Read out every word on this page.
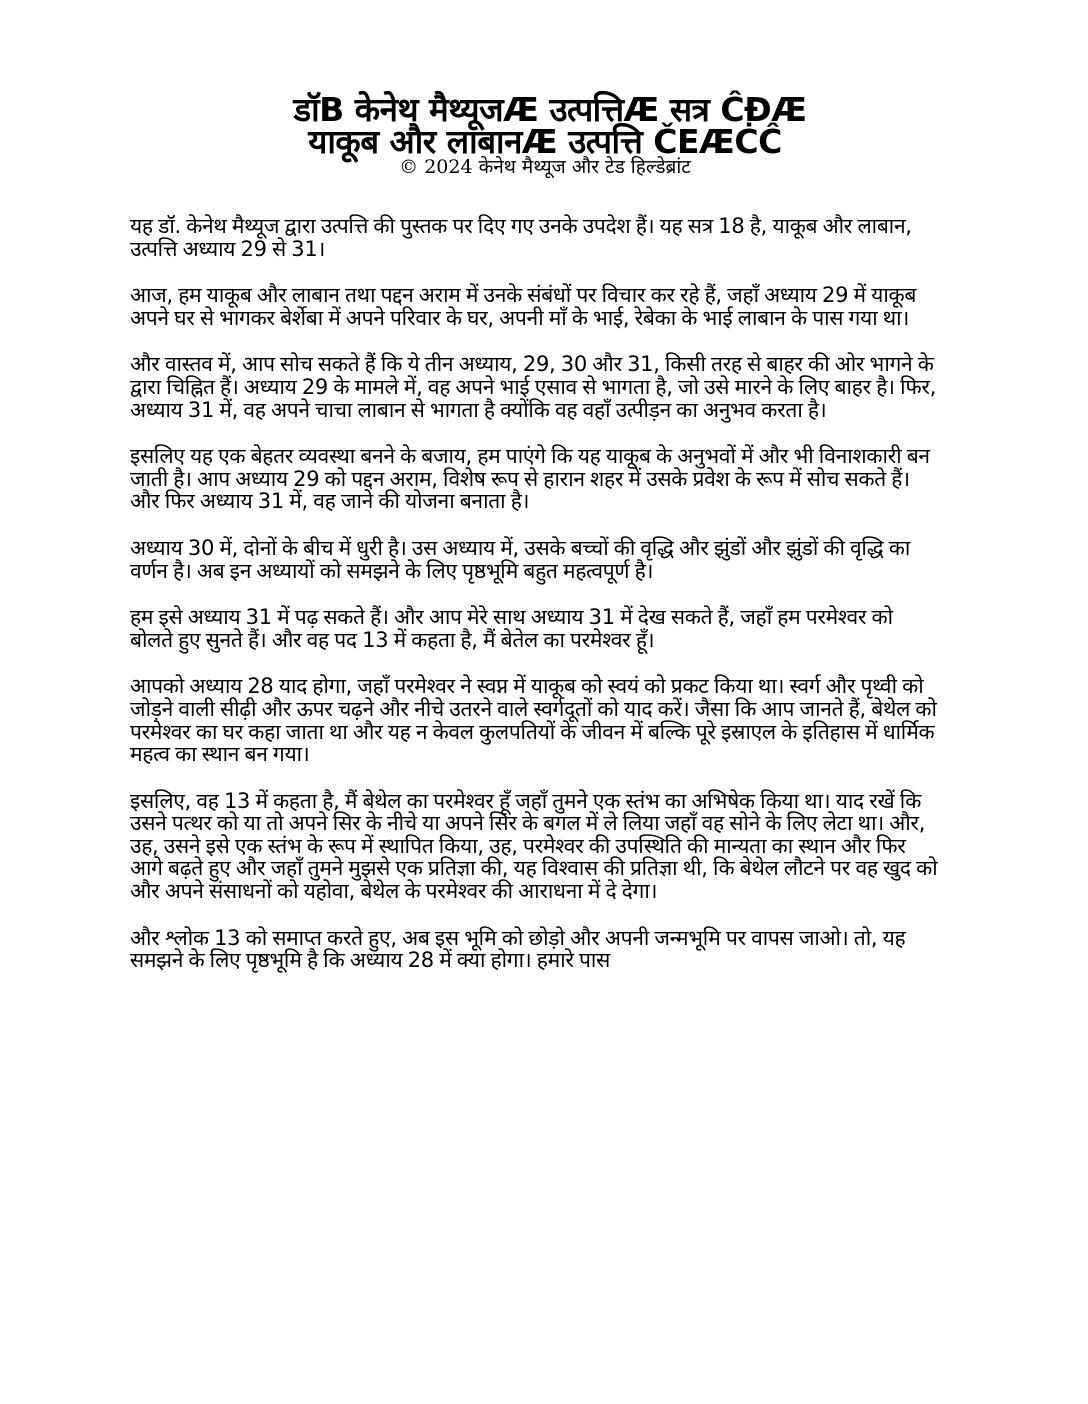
डॉB केनेथ मैथ्यूजÆ उत्पत्तिÆ सत्र ĈĐÆ
याकूब और लाबानÆ उत्पत्ति ČEÆĊĈ
© 2024 केनेथ मैथ्यूज और टेड हिल्डेब्रांट

यह डॉ. केनेथ मैथ्यूज द्वारा उत्पत्ति की पुस्तक पर दिए गए उनके उपदेश हैं। यह सत्र 18 है, याकूब और लाबान, उत्पत्ति अध्याय 29 से 31।

आज, हम याकूब और लाबान तथा पद्दन अराम में उनके संबंधों पर विचार कर रहे हैं, जहाँ अध्याय 29 में याकूब अपने घर से भागकर बेर्शेबा में अपने परिवार के घर, अपनी माँ के भाई, रेबेका के भाई लाबान के पास गया था।

और वास्तव में, आप सोच सकते हैं कि ये तीन अध्याय, 29, 30 और 31, किसी तरह से बाहर की ओर भागने के द्वारा चिह्नित हैं। अध्याय 29 के मामले में, वह अपने भाई एसाव से भागता है, जो उसे मारने के लिए बाहर है। फिर, अध्याय 31 में, वह अपने चाचा लाबान से भागता है क्योंकि वह वहाँ उत्पीड़न का अनुभव करता है।

इसलिए यह एक बेहतर व्यवस्था बनने के बजाय, हम पाएंगे कि यह याकूब के अनुभवों में और भी विनाशकारी बन जाती है। आप अध्याय 29 को पद्दन अराम, विशेष रूप से हारान शहर में उसके प्रवेश के रूप में सोच सकते हैं। और फिर अध्याय 31 में, वह जाने की योजना बनाता है।

अध्याय 30 में, दोनों के बीच में धुरी है। उस अध्याय में, उसके बच्चों की वृद्धि और झुंडों और झुंडों की वृद्धि का वर्णन है। अब इन अध्यायों को समझने के लिए पृष्ठभूमि बहुत महत्वपूर्ण है।

हम इसे अध्याय 31 में पढ़ सकते हैं। और आप मेरे साथ अध्याय 31 में देख सकते हैं, जहाँ हम परमेश्वर को बोलते हुए सुनते हैं। और वह पद 13 में कहता है, मैं बेतेल का परमेश्वर हूँ।

आपको अध्याय 28 याद होगा, जहाँ परमेश्वर ने स्वप्न में याकूब को स्वयं को प्रकट किया था। स्वर्ग और पृथ्वी को जोड़ने वाली सीढ़ी और ऊपर चढ़ने और नीचे उतरने वाले स्वर्गदूतों को याद करें। जैसा कि आप जानते हैं, बेथेल को परमेश्वर का घर कहा जाता था और यह न केवल कुलपतियों के जीवन में बल्कि पूरे इस्राएल के इतिहास में धार्मिक महत्व का स्थान बन गया।

इसलिए, वह 13 में कहता है, मैं बेथेल का परमेश्वर हूँ जहाँ तुमने एक स्तंभ का अभिषेक किया था। याद रखें कि उसने पत्थर को या तो अपने सिर के नीचे या अपने सिर के बगल में ले लिया जहाँ वह सोने के लिए लेटा था। और, उह, उसने इसे एक स्तंभ के रूप में स्थापित किया, उह, परमेश्वर की उपस्थिति की मान्यता का स्थान और फिर आगे बढ़ते हुए और जहाँ तुमने मुझसे एक प्रतिज्ञा की, यह विश्वास की प्रतिज्ञा थी, कि बेथेल लौटने पर वह खुद को और अपने संसाधनों को यहोवा, बेथेल के परमेश्वर की आराधना में दे देगा।

और श्लोक 13 को समाप्त करते हुए, अब इस भूमि को छोड़ो और अपनी जन्मभूमि पर वापस जाओ। तो, यह समझने के लिए पृष्ठभूमि है कि अध्याय 28 में क्या होगा। हमारे पास
